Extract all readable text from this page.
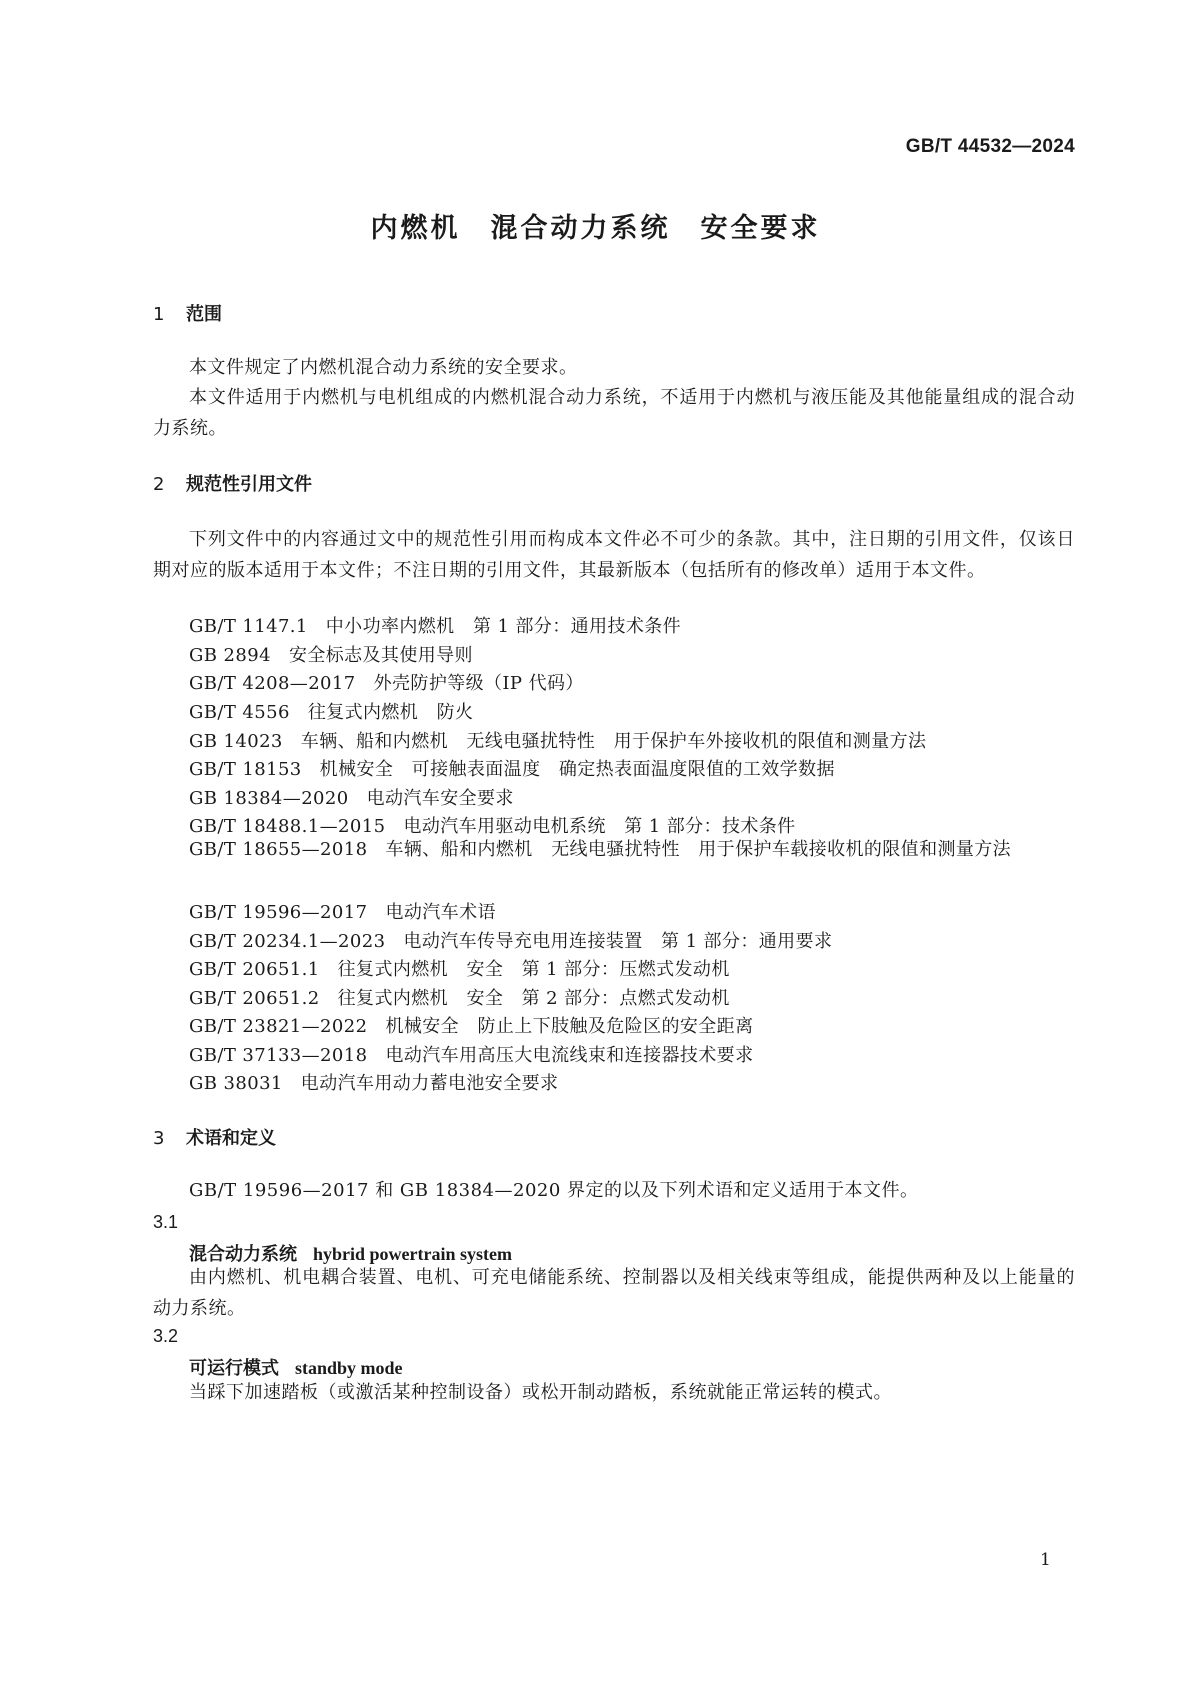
GB/T 44532—2024
内燃机 混合动力系统 安全要求
1 范围
本文件规定了内燃机混合动力系统的安全要求。
本文件适用于内燃机与电机组成的内燃机混合动力系统，不适用于内燃机与液压能及其他能量组成的混合动力系统。
2 规范性引用文件
下列文件中的内容通过文中的规范性引用而构成本文件必不可少的条款。其中，注日期的引用文件，仅该日期对应的版本适用于本文件；不注日期的引用文件，其最新版本（包括所有的修改单）适用于本文件。
GB/T 1147.1 中小功率内燃机　第 1 部分：通用技术条件
GB 2894 安全标志及其使用导则
GB/T 4208—2017 外壳防护等级（IP 代码）
GB/T 4556 往复式内燃机　防火
GB 14023 车辆、船和内燃机　无线电骚扰特性　用于保护车外接收机的限值和测量方法
GB/T 18153 机械安全　可接触表面温度　确定热表面温度限值的工效学数据
GB 18384—2020 电动汽车安全要求
GB/T 18488.1—2015 电动汽车用驱动电机系统　第 1 部分：技术条件
GB/T 18655—2018 车辆、船和内燃机　无线电骚扰特性　用于保护车载接收机的限值和测量方法
GB/T 19596—2017 电动汽车术语
GB/T 20234.1—2023 电动汽车传导充电用连接装置　第 1 部分：通用要求
GB/T 20651.1 往复式内燃机　安全　第 1 部分：压燃式发动机
GB/T 20651.2 往复式内燃机　安全　第 2 部分：点燃式发动机
GB/T 23821—2022 机械安全　防止上下肢触及危险区的安全距离
GB/T 37133—2018 电动汽车用高压大电流线束和连接器技术要求
GB 38031 电动汽车用动力蓄电池安全要求
3 术语和定义
GB/T 19596—2017 和 GB 18384—2020 界定的以及下列术语和定义适用于本文件。
3.1
混合动力系统 hybrid powertrain system
由内燃机、机电耦合装置、电机、可充电储能系统、控制器以及相关线束等组成，能提供两种及以上能量的动力系统。
3.2
可运行模式 standby mode
当踩下加速踏板（或激活某种控制设备）或松开制动踏板，系统就能正常运转的模式。
1
